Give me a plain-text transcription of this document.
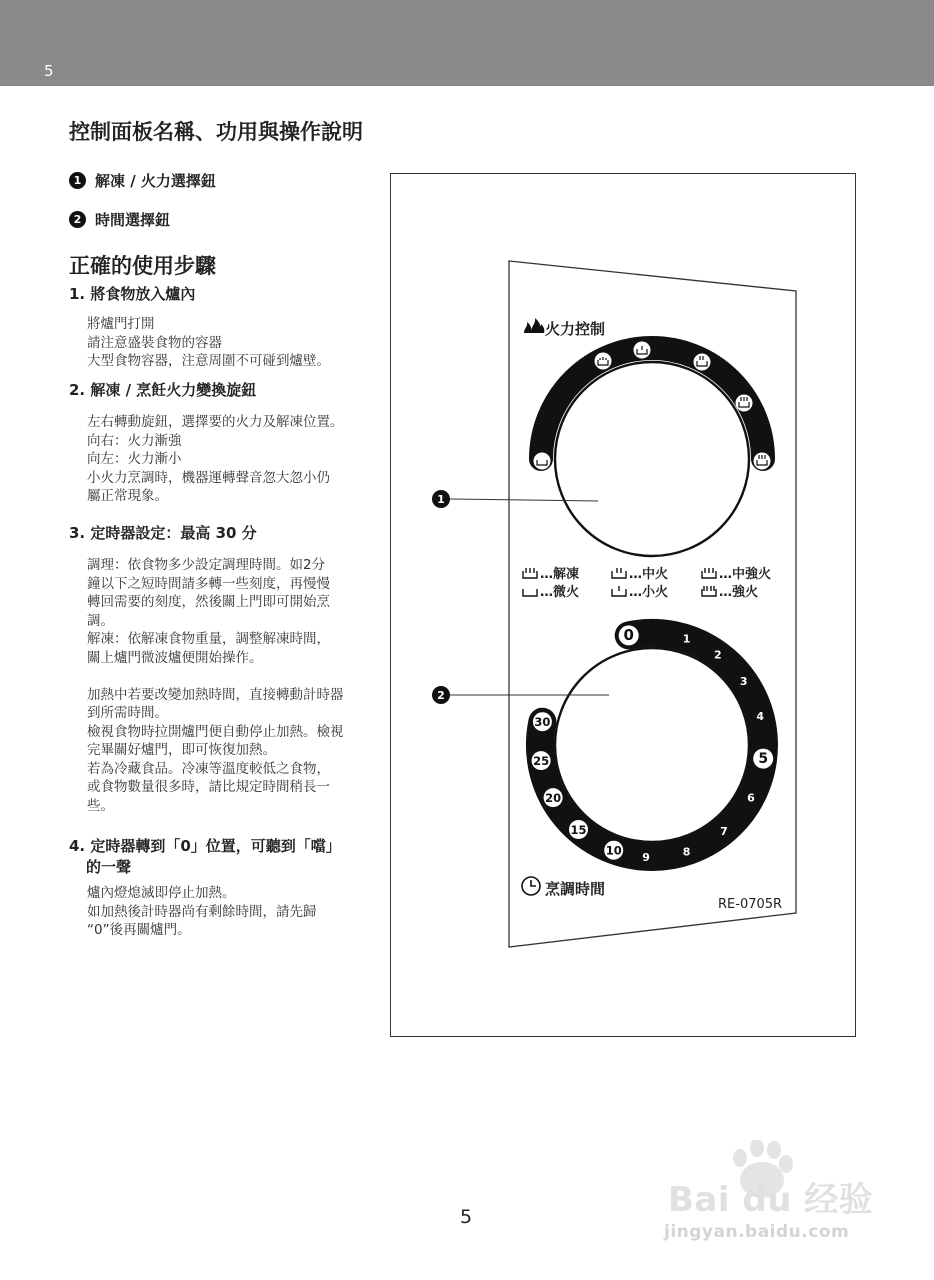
5
控制面板名稱、功用與操作說明
1 解凍 / 火力選擇鈕
2 時間選擇鈕
正確的使用步驟
1. 將食物放入爐內
將爐門打開
請注意盛裝食物的容器
大型食物容器，注意周圍不可碰到爐壁。
2. 解凍 / 烹飪火力變換旋鈕
左右轉動旋鈕，選擇要的火力及解凍位置。
向右：火力漸強
向左：火力漸小
小火力烹調時，機器運轉聲音忽大忽小仍
屬正常現象。
3. 定時器設定：最高 30 分
調理：依食物多少設定調理時間。如2分
鐘以下之短時間請多轉一些刻度，再慢慢
轉回需要的刻度，然後關上門即可開始烹
調。
解凍：依解凍食物重量，調整解凍時間，
關上爐門微波爐便開始操作。
加熱中若要改變加熱時間，直接轉動計時器
到所需時間。
檢視食物時拉開爐門便自動停止加熱。檢視
完畢關好爐門，即可恢復加熱。
若為冷藏食品。冷凍等溫度較低之食物，
或食物數量很多時，請比規定時間稍長一
些。
4. 定時器轉到「0」位置，可聽到「噹」
的一聲
爐內燈熄滅即停止加熱。
如加熱後計時器尚有剩餘時間，請先歸
“0”後再關爐門。
1
0	1
2
3
4
5
6
7
8
9
10
15
20
25
30
2
火力控制
…解凍	…中火	…中強火
…微火	…小火	…強火
烹調時間
RE-0705R
5	Bai du 经验
jingyan.baidu.com
